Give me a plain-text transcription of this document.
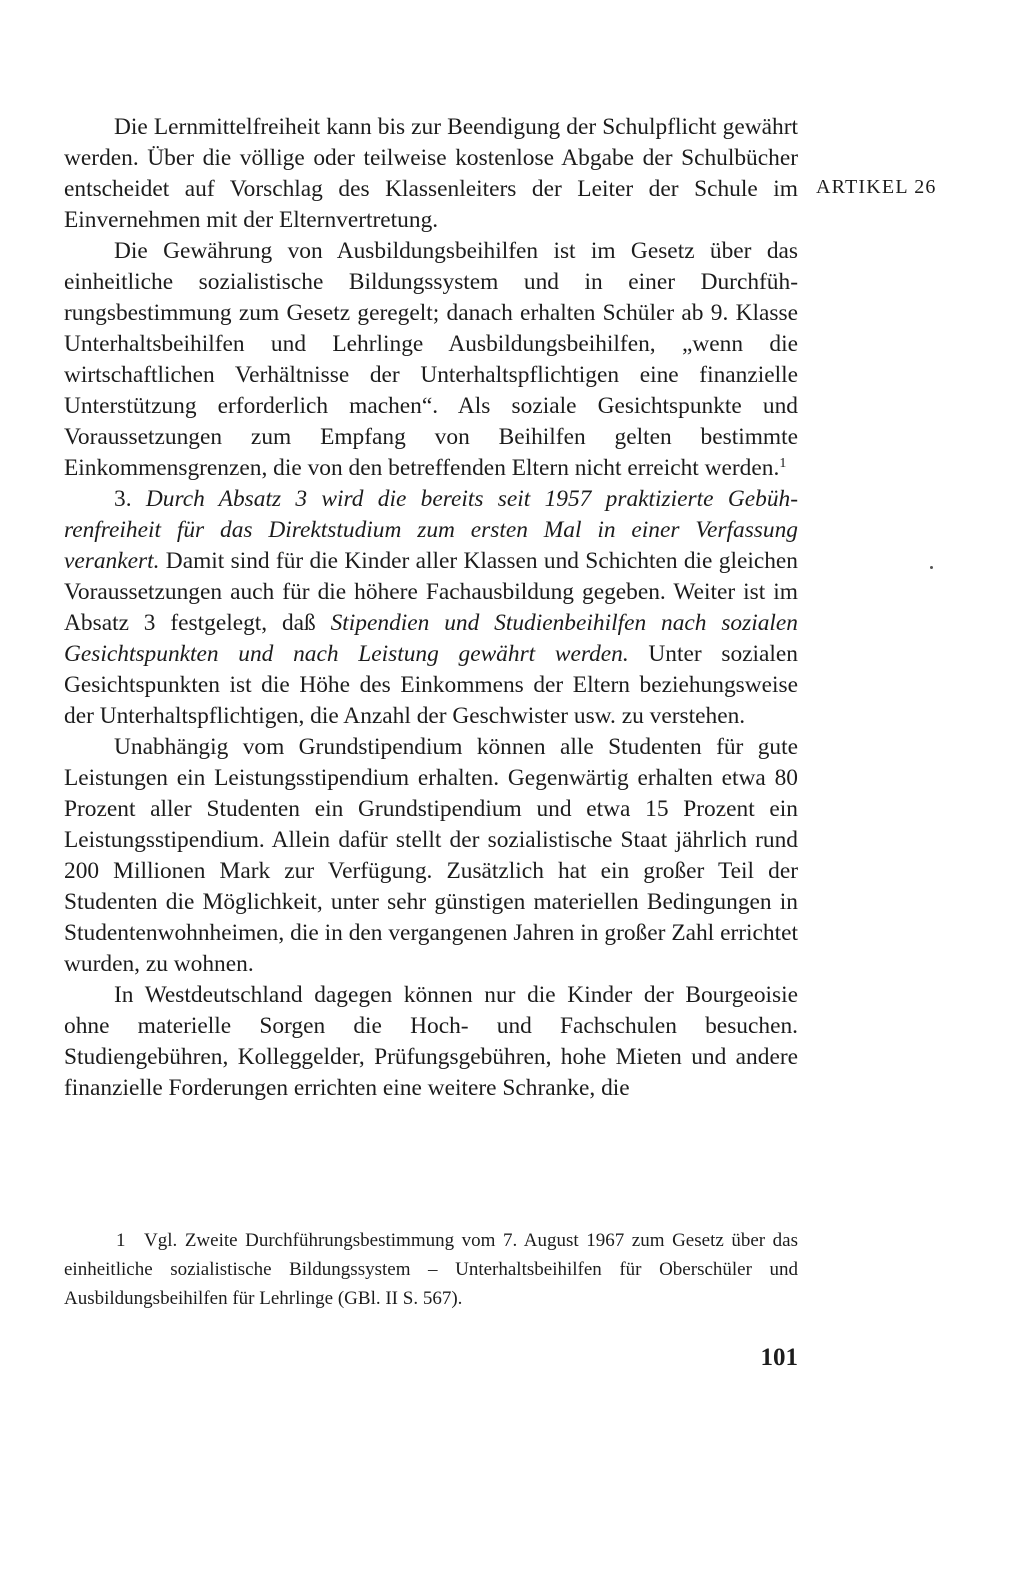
Die Lernmittelfreiheit kann bis zur Beendigung der Schulpflicht gewährt werden. Über die völlige oder teilweise kostenlose Abgabe der Schulbücher entscheidet auf Vorschlag des Klassenleiters der Leiter der Schule im Einvernehmen mit der Elternvertretung.

Die Gewährung von Ausbildungsbeihilfen ist im Gesetz über das einheitliche sozialistische Bildungssystem und in einer Durchführungsbestimmung zum Gesetz geregelt; danach erhalten Schüler ab 9. Klasse Unterhaltsbeihilfen und Lehrlinge Ausbildungsbeihilfen, „wenn die wirtschaftlichen Verhältnisse der Unterhaltspflichtigen eine finanzielle Unterstützung erforderlich machen“. Als soziale Gesichtspunkte und Voraussetzungen zum Empfang von Beihilfen gelten bestimmte Einkommensgrenzen, die von den betreffenden Eltern nicht erreicht werden.$^1$

3. Durch Absatz 3 wird die bereits seit 1957 praktizierte Gebührenfreiheit für das Direktstudium zum ersten Mal in einer Verfassung verankert. Damit sind für die Kinder aller Klassen und Schichten die gleichen Voraussetzungen auch für die höhere Fachausbildung gegeben. Weiter ist im Absatz 3 festgelegt, daß Stipendien und Studienbeihilfen nach sozialen Gesichtspunkten und nach Leistung gewährt werden. Unter sozialen Gesichtspunkten ist die Höhe des Einkommens der Eltern beziehungsweise der Unterhaltspflichtigen, die Anzahl der Geschwister usw. zu verstehen.

Unabhängig vom Grundstipendium können alle Studenten für gute Leistungen ein Leistungsstipendium erhalten. Gegenwärtig erhalten etwa 80 Prozent aller Studenten ein Grundstipendium und etwa 15 Prozent ein Leistungsstipendium. Allein dafür stellt der sozialistische Staat jährlich rund 200 Millionen Mark zur Verfügung. Zusätzlich hat ein großer Teil der Studenten die Möglichkeit, unter sehr günstigen materiellen Bedingungen in Studentenwohnheimen, die in den vergangenen Jahren in großer Zahl errichtet wurden, zu wohnen.

In Westdeutschland dagegen können nur die Kinder der Bourgeoisie ohne materielle Sorgen die Hoch- und Fachschulen besuchen. Studiengebühren, Kolleggelder, Prüfungsgebühren, hohe Mieten und andere finanzielle Forderungen errichten eine weitere Schranke, die

ARTIKEL 26

1 Vgl. Zweite Durchführungsbestimmung vom 7. August 1967 zum Gesetz über das einheitliche sozialistische Bildungssystem – Unterhaltsbeihilfen für Oberschüler und Ausbildungsbeihilfen für Lehrlinge (GBl. II S. 567).

101
